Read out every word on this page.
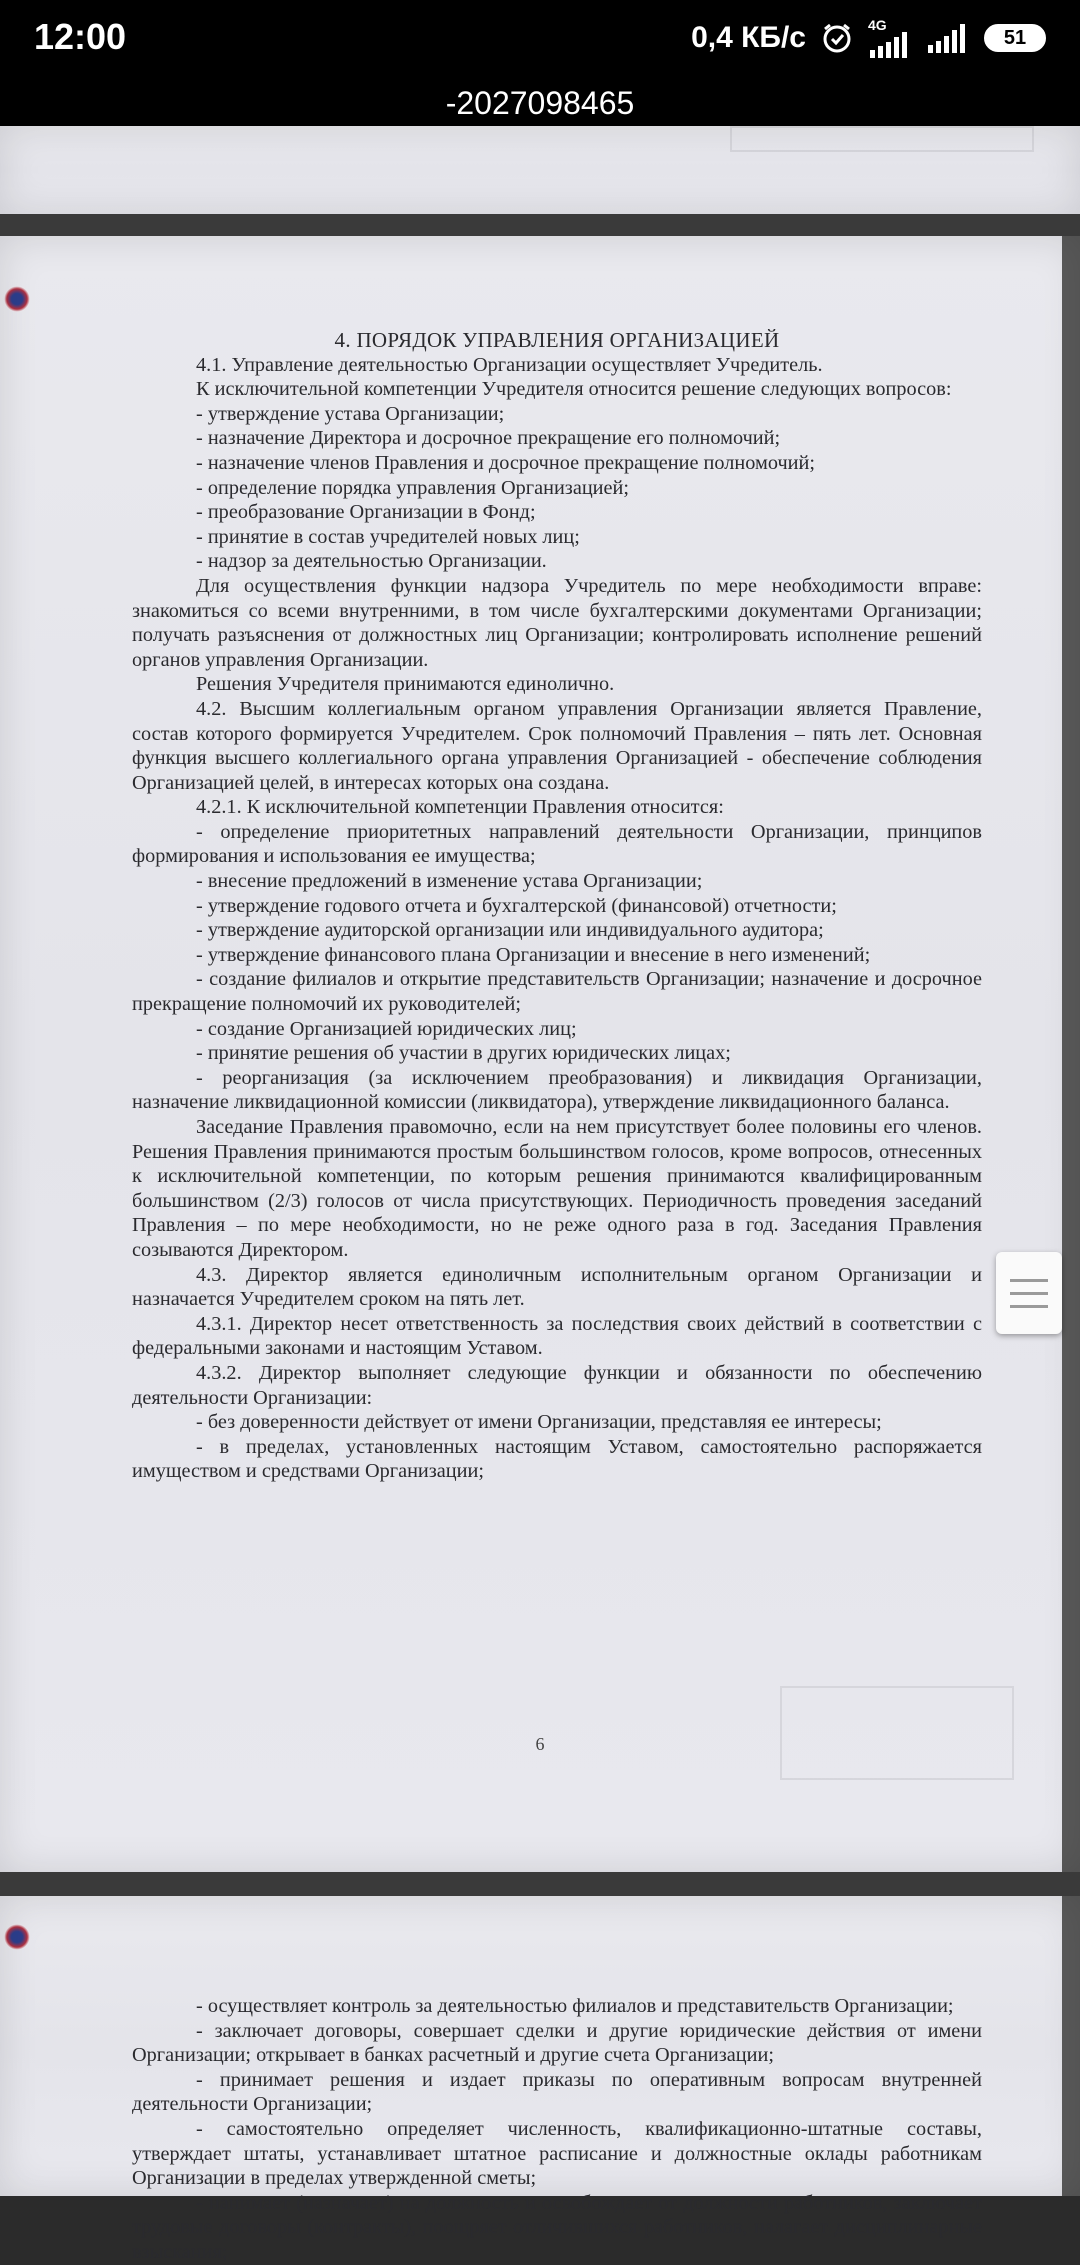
12:00	0,4 КБ/с	4G
51
-2027098465

4. ПОРЯДОК УПРАВЛЕНИЯ ОРГАНИЗАЦИЕЙ

4.1. Управление деятельностью Организации осуществляет Учредитель.

К исключительной компетенции Учредителя относится решение следующих вопросов:

- утверждение устава Организации;

- назначение Директора и досрочное прекращение его полномочий;

- назначение членов Правления и досрочное прекращение полномочий;

- определение порядка управления Организацией;

- преобразование Организации в Фонд;

- принятие в состав учредителей новых лиц;

- надзор за деятельностью Организации.

Для осуществления функции надзора Учредитель по мере необходимости вправе: знакомиться со всеми внутренними, в том числе бухгалтерскими документами Организации; получать разъяснения от должностных лиц Организации; контролировать исполнение решений органов управления Организации.

Решения Учредителя принимаются единолично.

4.2. Высшим коллегиальным органом управления Организации является Правление, состав которого формируется Учредителем. Срок полномочий Правления – пять лет. Основная функция высшего коллегиального органа управления Организацией - обеспечение соблюдения Организацией целей, в интересах которых она создана.

4.2.1. К исключительной компетенции Правления относится:

- определение приоритетных направлений деятельности Организации, принципов формирования и использования ее имущества;

- внесение предложений в изменение устава Организации;

- утверждение годового отчета и бухгалтерской (финансовой) отчетности;

- утверждение аудиторской организации или индивидуального аудитора;

- утверждение финансового плана Организации и внесение в него изменений;

- создание филиалов и открытие представительств Организации; назначение и досрочное прекращение полномочий их руководителей;

- создание Организацией юридических лиц;

- принятие решения об участии в других юридических лицах;

- реорганизация (за исключением преобразования) и ликвидация Организации, назначение ликвидационной комиссии (ликвидатора), утверждение ликвидационного баланса.

Заседание Правления правомочно, если на нем присутствует более половины его членов. Решения Правления принимаются простым большинством голосов, кроме вопросов, отнесенных к исключительной компетенции, по которым решения принимаются квалифицированным большинством (2/3) голосов от числа присутствующих. Периодичность проведения заседаний Правления – по мере необходимости, но не реже одного раза в год. Заседания Правления созываются Директором.

4.3. Директор является единоличным исполнительным органом Организации и назначается Учредителем сроком на пять лет.

4.3.1. Директор несет ответственность за последствия своих действий в соответствии с федеральными законами и настоящим Уставом.

4.3.2. Директор выполняет следующие функции и обязанности по обеспечению деятельности Организации:

- без доверенности действует от имени Организации, представляя ее интересы;

- в пределах, установленных настоящим Уставом, самостоятельно распоряжается имуществом и средствами Организации;

6

- осуществляет контроль за деятельностью филиалов и представительств Организации;

- заключает договоры, совершает сделки и другие юридические действия от имени Организации; открывает в банках расчетный и другие счета Организации;

- принимает решения и издает приказы по оперативным вопросам внутренней деятельности Организации;

- самостоятельно определяет численность, квалификационно-штатные составы, утверждает штаты, устанавливает штатное расписание и должностные оклады работникам Организации в пределах утвержденной сметы;

- нанимает (назначает) на должность и освобождает от должности работников, заключает трудовые договоры (контракты), поощряет отличившихся работников, налагает дисциплинарные взыскания;
